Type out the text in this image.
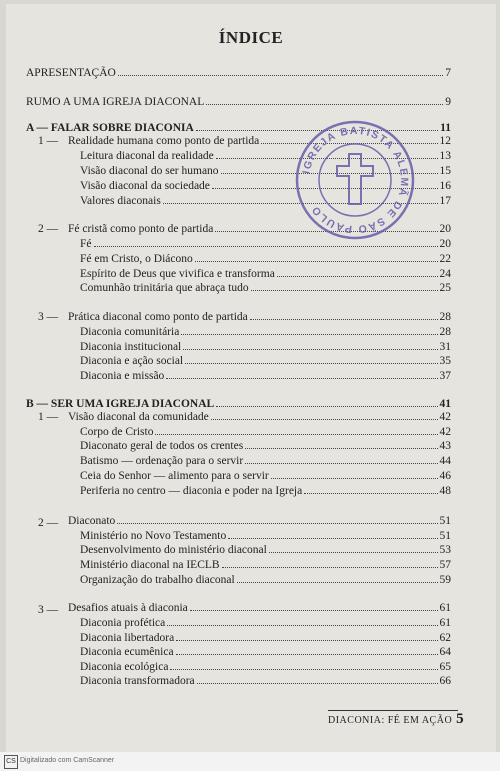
ÍNDICE
APRESENTAÇÃO	7
RUMO A UMA IGREJA DIACONAL	9
A — FALAR SOBRE DIACONIA	11
1 — Realidade humana como ponto de partida	12
Leitura diaconal da realidade	13
Visão diaconal do ser humano	15
Visão diaconal da sociedade	16
Valores diaconais	17
2 — Fé cristã como ponto de partida	20
Fé	20
Fé em Cristo, o Diácono	22
Espírito de Deus que vivifica e transforma	24
Comunhão trinitária que abraça tudo	25
3 — Prática diaconal como ponto de partida	28
Diaconia comunitária	28
Diaconia institucional	31
Diaconia e ação social	35
Diaconia e missão	37
B — SER UMA IGREJA DIACONAL	41
1 — Visão diaconal da comunidade	42
Corpo de Cristo	42
Diaconato geral de todos os crentes	43
Batismo — ordenação para o servir	44
Ceia do Senhor — alimento para o servir	46
Periferia no centro — diaconia e poder na Igreja	48
2 — Diaconato	51
Ministério no Novo Testamento	51
Desenvolvimento do ministério diaconal	53
Ministério diaconal na IECLB	57
Organização do trabalho diaconal	59
3 — Desafios atuais à diaconia	61
Diaconia profética	61
Diaconia libertadora	62
Diaconia ecumênica	64
Diaconia ecológica	65
Diaconia transformadora	66
IGREJA BATISTA ALEMÃ DE SÃO PAULO
DIACONIA: FÉ EM AÇÃO 5
CS Digitalizado com CamScanner
